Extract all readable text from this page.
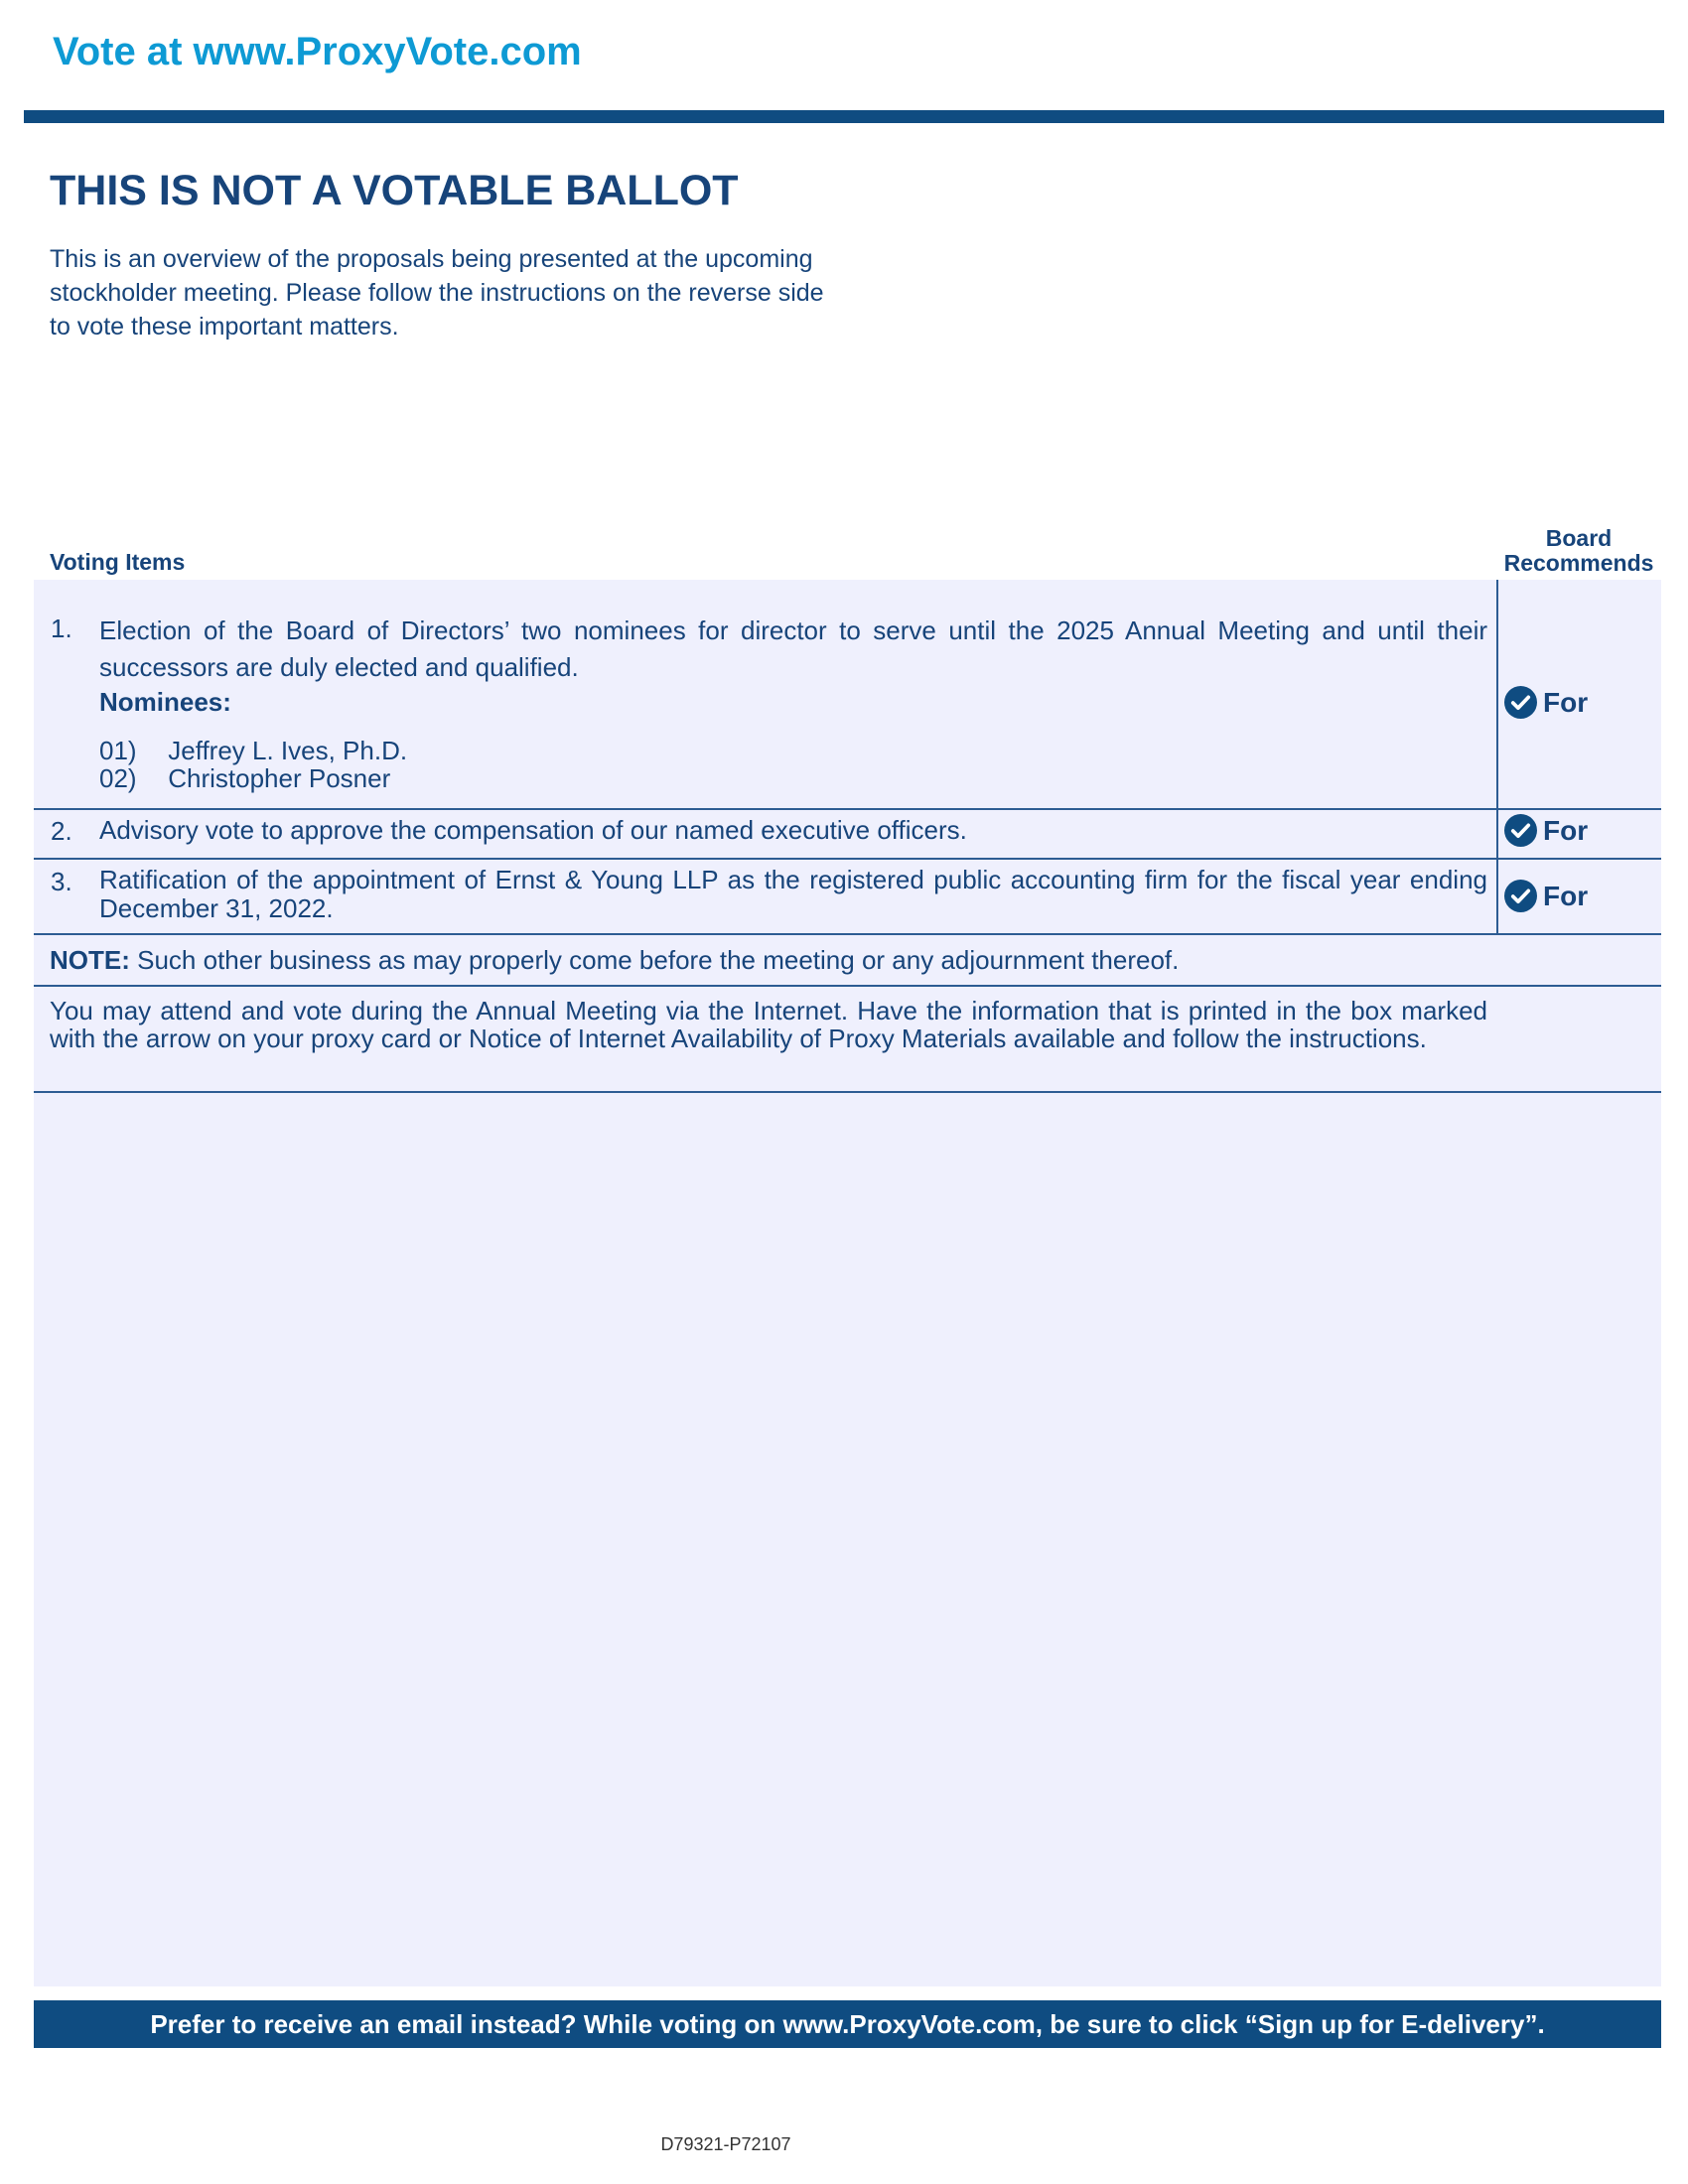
Vote at www.ProxyVote.com
THIS IS NOT A VOTABLE BALLOT
This is an overview of the proposals being presented at the upcoming stockholder meeting. Please follow the instructions on the reverse side to vote these important matters.
Voting Items
Board
Recommends
1. Election of the Board of Directors’ two nominees for director to serve until the 2025 Annual Meeting and until their successors are duly elected and qualified.
Nominees:
01) Jeffrey L. Ives, Ph.D.
02) Christopher Posner
For
2. Advisory vote to approve the compensation of our named executive officers.	For
3. Ratification of the appointment of Ernst & Young LLP as the registered public accounting firm for the fiscal year ending December 31, 2022.	For
NOTE: Such other business as may properly come before the meeting or any adjournment thereof.
You may attend and vote during the Annual Meeting via the Internet. Have the information that is printed in the box marked with the arrow on your proxy card or Notice of Internet Availability of Proxy Materials available and follow the instructions.
Prefer to receive an email instead? While voting on www.ProxyVote.com, be sure to click “Sign up for E-delivery”.
D79321-P72107
